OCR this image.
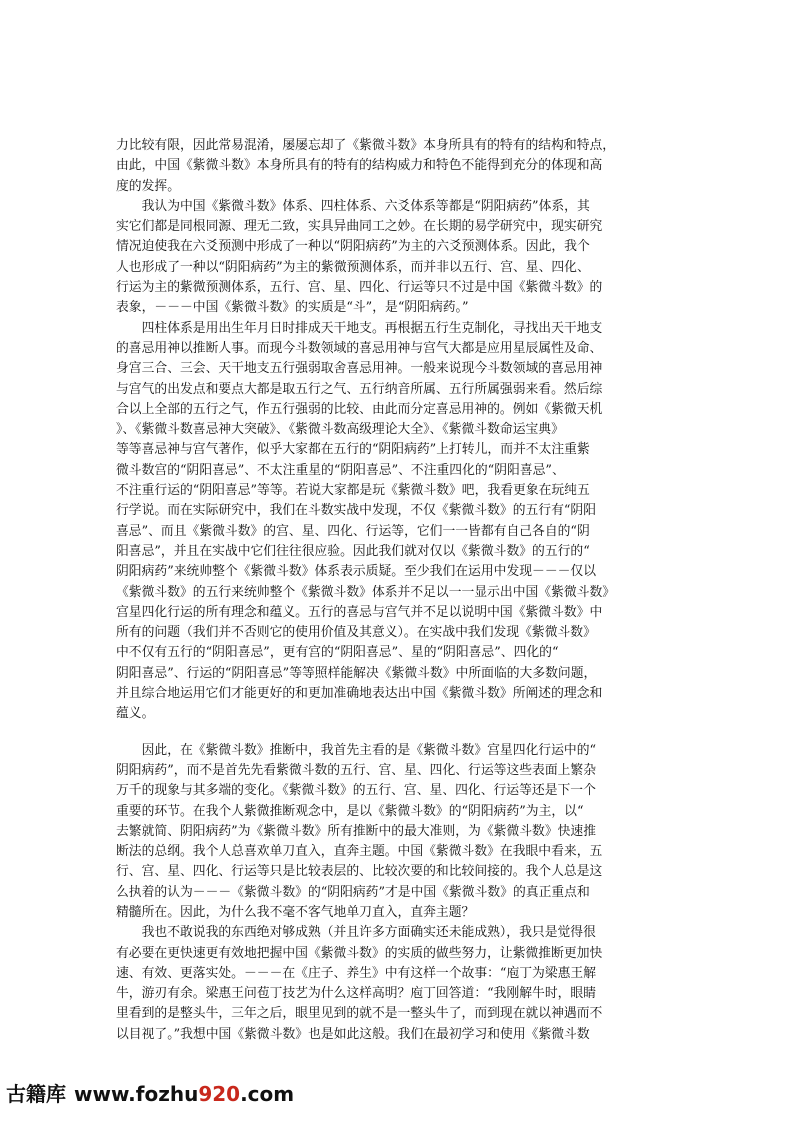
力比较有限，因此常易混淆，屡屡忘却了《紫微斗数》本身所具有的特有的结构和特点，
由此，中国《紫微斗数》本身所具有的特有的结构威力和特色不能得到充分的体现和高
度的发挥。
　　我认为中国《紫微斗数》体系、四柱体系、六爻体系等都是“阴阳病药”体系，其
实它们都是同根同源、理无二致，实具异曲同工之妙。在长期的易学研究中，现实研究
情况迫使我在六爻预测中形成了一种以“阴阳病药”为主的六爻预测体系。因此，我个
人也形成了一种以“阴阳病药”为主的紫微预测体系，而并非以五行、宫、星、四化、
行运为主的紫微预测体系，五行、宫、星、四化、行运等只不过是中国《紫微斗数》的
表象，－－－中国《紫微斗数》的实质是“斗”，是“阴阳病药。”
　　四柱体系是用出生年月日时排成天干地支。再根据五行生克制化，寻找出天干地支
的喜忌用神以推断人事。而现今斗数领域的喜忌用神与宫气大都是应用星辰属性及命、
身宫三合、三会、天干地支五行强弱取舍喜忌用神。一般来说现今斗数领域的喜忌用神
与宫气的出发点和要点大都是取五行之气、五行纳音所属、五行所属强弱来看。然后综
合以上全部的五行之气，作五行强弱的比较、由此而分定喜忌用神的。例如《紫微天机
》、《紫微斗数喜忌神大突破》、《紫微斗数高级理论大全》、《紫微斗数命运宝典》
等等喜忌神与宫气著作，似乎大家都在五行的“阴阳病药”上打转儿，而并不太注重紫
微斗数宫的“阴阳喜忌”、不太注重星的“阴阳喜忌”、不注重四化的“阴阳喜忌”、
不注重行运的“阴阳喜忌”等等。若说大家都是玩《紫微斗数》吧，我看更象在玩纯五
行学说。而在实际研究中，我们在斗数实战中发现，不仅《紫微斗数》的五行有“阴阳
喜忌”、而且《紫微斗数》的宫、星、四化、行运等，它们一一皆都有自己各自的“阴
阳喜忌”，并且在实战中它们往往很应验。因此我们就对仅以《紫微斗数》的五行的“
阴阳病药”来统帅整个《紫微斗数》体系表示质疑。至少我们在运用中发现－－－仅以
《紫微斗数》的五行来统帅整个《紫微斗数》体系并不足以一一显示出中国《紫微斗数》
宫星四化行运的所有理念和蕴义。五行的喜忌与宫气并不足以说明中国《紫微斗数》中
所有的问题（我们并不否则它的使用价值及其意义）。在实战中我们发现《紫微斗数》
中不仅有五行的“阴阳喜忌”，更有宫的“阴阳喜忌”、星的“阴阳喜忌”、四化的“
阴阳喜忌”、行运的“阴阳喜忌”等等照样能解决《紫微斗数》中所面临的大多数问题，
并且综合地运用它们才能更好的和更加准确地表达出中国《紫微斗数》所阐述的理念和
蕴义。
　　因此，在《紫微斗数》推断中，我首先主看的是《紫微斗数》宫星四化行运中的“
阴阳病药”，而不是首先先看紫微斗数的五行、宫、星、四化、行运等这些表面上繁杂
万千的现象与其多端的变化。《紫微斗数》的五行、宫、星、四化、行运等还是下一个
重要的环节。在我个人紫微推断观念中，是以《紫微斗数》的“阴阳病药”为主，以“
去繁就简、阴阳病药”为《紫微斗数》所有推断中的最大准则，为《紫微斗数》快速推
断法的总纲。我个人总喜欢单刀直入，直奔主题。中国《紫微斗数》在我眼中看来，五
行、宫、星、四化、行运等只是比较表层的、比较次要的和比较间接的。我个人总是这
么执着的认为－－－《紫微斗数》的“阴阳病药”才是中国《紫微斗数》的真正重点和
精髓所在。因此，为什么我不毫不客气地单刀直入，直奔主题？
　　我也不敢说我的东西绝对够成熟（并且许多方面确实还未能成熟），我只是觉得很
有必要在更快速更有效地把握中国《紫微斗数》的实质的做些努力，让紫微推断更加快
速、有效、更落实处。－－－在《庄子、养生》中有这样一个故事：“庖丁为梁惠王解
牛，游刃有余。梁惠王问苞丁技艺为什么这样高明？庖丁回答道：“我刚解牛时，眼睛
里看到的是整头牛，三年之后，眼里见到的就不是一整头牛了，而到现在就以神遇而不
以目视了。”我想中国《紫微斗数》也是如此这般。我们在最初学习和使用《紫微斗数
古籍库 www.fozhu920.com
